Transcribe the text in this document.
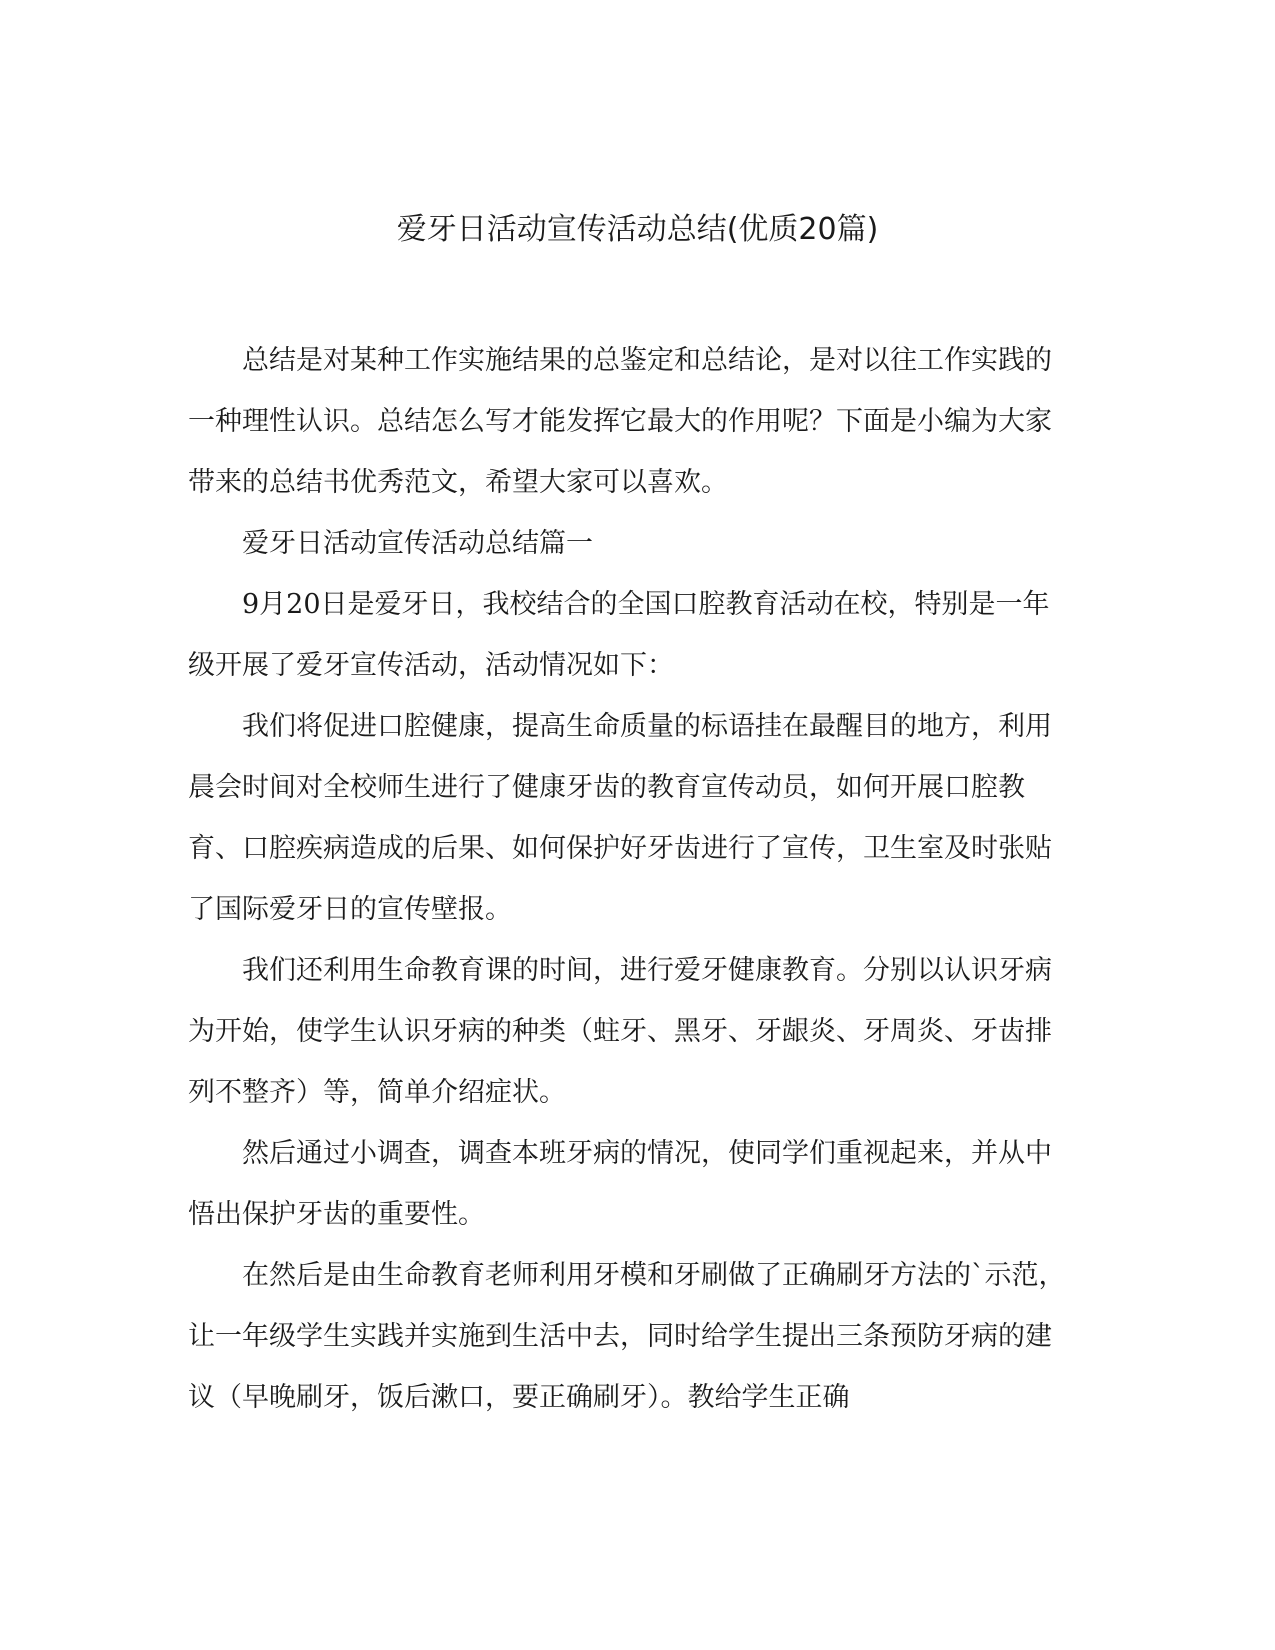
爱牙日活动宣传活动总结(优质20篇)

总结是对某种工作实施结果的总鉴定和总结论，是对以往工作实践的一种理性认识。总结怎么写才能发挥它最大的作用呢？下面是小编为大家带来的总结书优秀范文，希望大家可以喜欢。

爱牙日活动宣传活动总结篇一

9月20日是爱牙日，我校结合的全国口腔教育活动在校，特别是一年级开展了爱牙宣传活动，活动情况如下：

我们将促进口腔健康，提高生命质量的标语挂在最醒目的地方，利用晨会时间对全校师生进行了健康牙齿的教育宣传动员，如何开展口腔教育、口腔疾病造成的后果、如何保护好牙齿进行了宣传，卫生室及时张贴了国际爱牙日的宣传壁报。

我们还利用生命教育课的时间，进行爱牙健康教育。分别以认识牙病为开始，使学生认识牙病的种类（蛀牙、黑牙、牙龈炎、牙周炎、牙齿排列不整齐）等，简单介绍症状。

然后通过小调查，调查本班牙病的情况，使同学们重视起来，并从中悟出保护牙齿的重要性。

在然后是由生命教育老师利用牙模和牙刷做了正确刷牙方法的`示范，让一年级学生实践并实施到生活中去，同时给学生提出三条预防牙病的建议（早晚刷牙，饭后漱口，要正确刷牙）。教给学生正确
